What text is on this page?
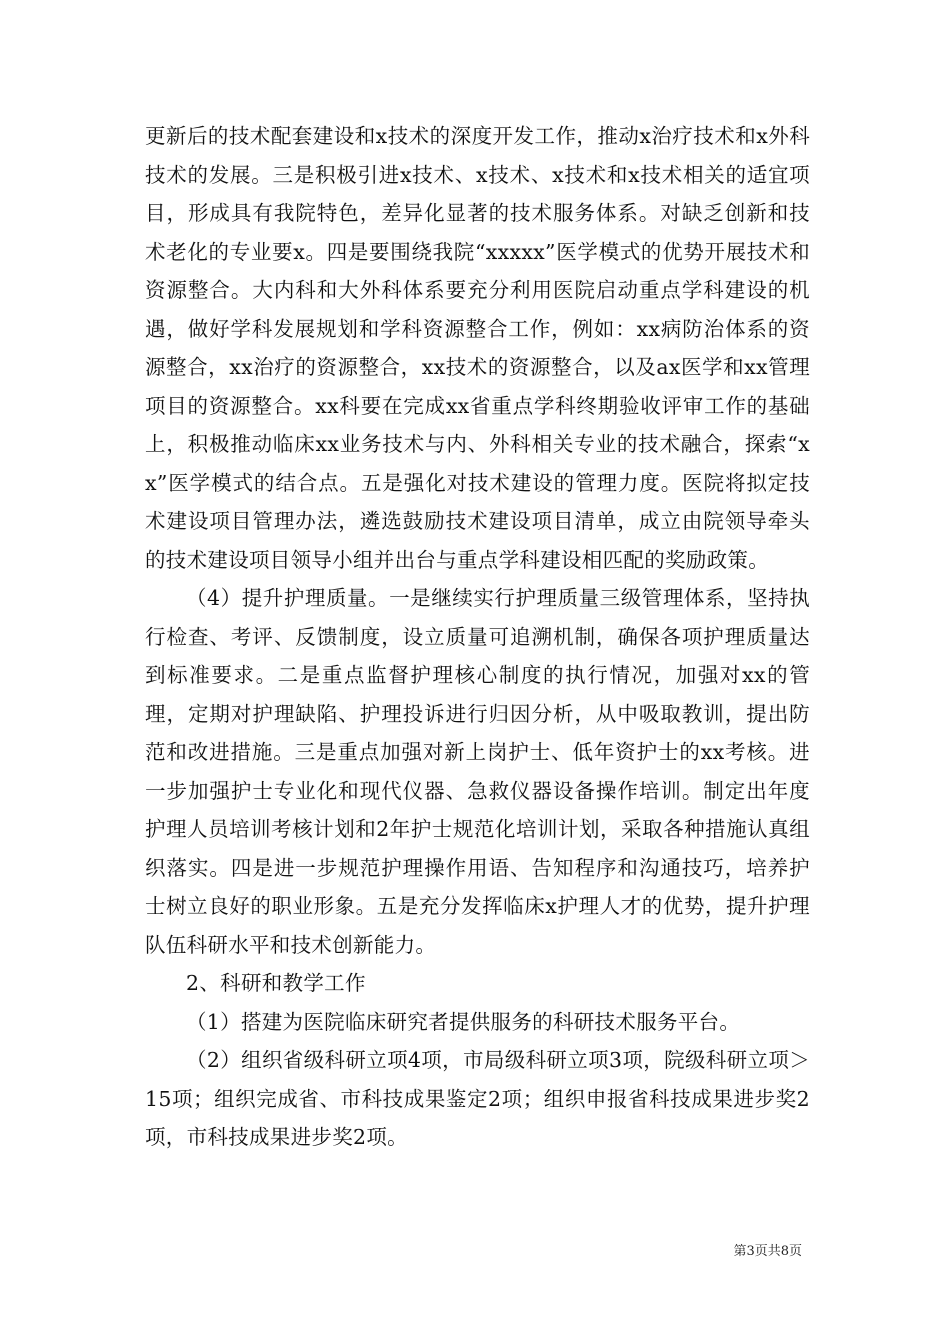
更新后的技术配套建设和x技术的深度开发工作，推动x治疗技术和x外科技术的发展。三是积极引进x技术、x技术、x技术和x技术相关的适宜项目，形成具有我院特色，差异化显著的技术服务体系。对缺乏创新和技术老化的专业要x。四是要围绕我院“xxxxx”医学模式的优势开展技术和资源整合。大内科和大外科体系要充分利用医院启动重点学科建设的机遇，做好学科发展规划和学科资源整合工作，例如：xx病防治体系的资源整合，xx治疗的资源整合，xx技术的资源整合，以及ax医学和xx管理项目的资源整合。xx科要在完成xx省重点学科终期验收评审工作的基础上，积极推动临床xx业务技术与内、外科相关专业的技术融合，探索“xx”医学模式的结合点。五是强化对技术建设的管理力度。医院将拟定技术建设项目管理办法，遴选鼓励技术建设项目清单，成立由院领导牵头的技术建设项目领导小组并出台与重点学科建设相匹配的奖励政策。

（4）提升护理质量。一是继续实行护理质量三级管理体系，坚持执行检查、考评、反馈制度，设立质量可追溯机制，确保各项护理质量达到标准要求。二是重点监督护理核心制度的执行情况，加强对xx的管理，定期对护理缺陷、护理投诉进行归因分析，从中吸取教训，提出防范和改进措施。三是重点加强对新上岗护士、低年资护士的xx考核。进一步加强护士专业化和现代仪器、急救仪器设备操作培训。制定出年度护理人员培训考核计划和2年护士规范化培训计划，采取各种措施认真组织落实。四是进一步规范护理操作用语、告知程序和沟通技巧，培养护士树立良好的职业形象。五是充分发挥临床x护理人才的优势，提升护理队伍科研水平和技术创新能力。

2、科研和教学工作

（1）搭建为医院临床研究者提供服务的科研技术服务平台。

（2）组织省级科研立项4项，市局级科研立项3项，院级科研立项＞15项；组织完成省、市科技成果鉴定2项；组织申报省科技成果进步奖2项，市科技成果进步奖2项。

第3页共8页
